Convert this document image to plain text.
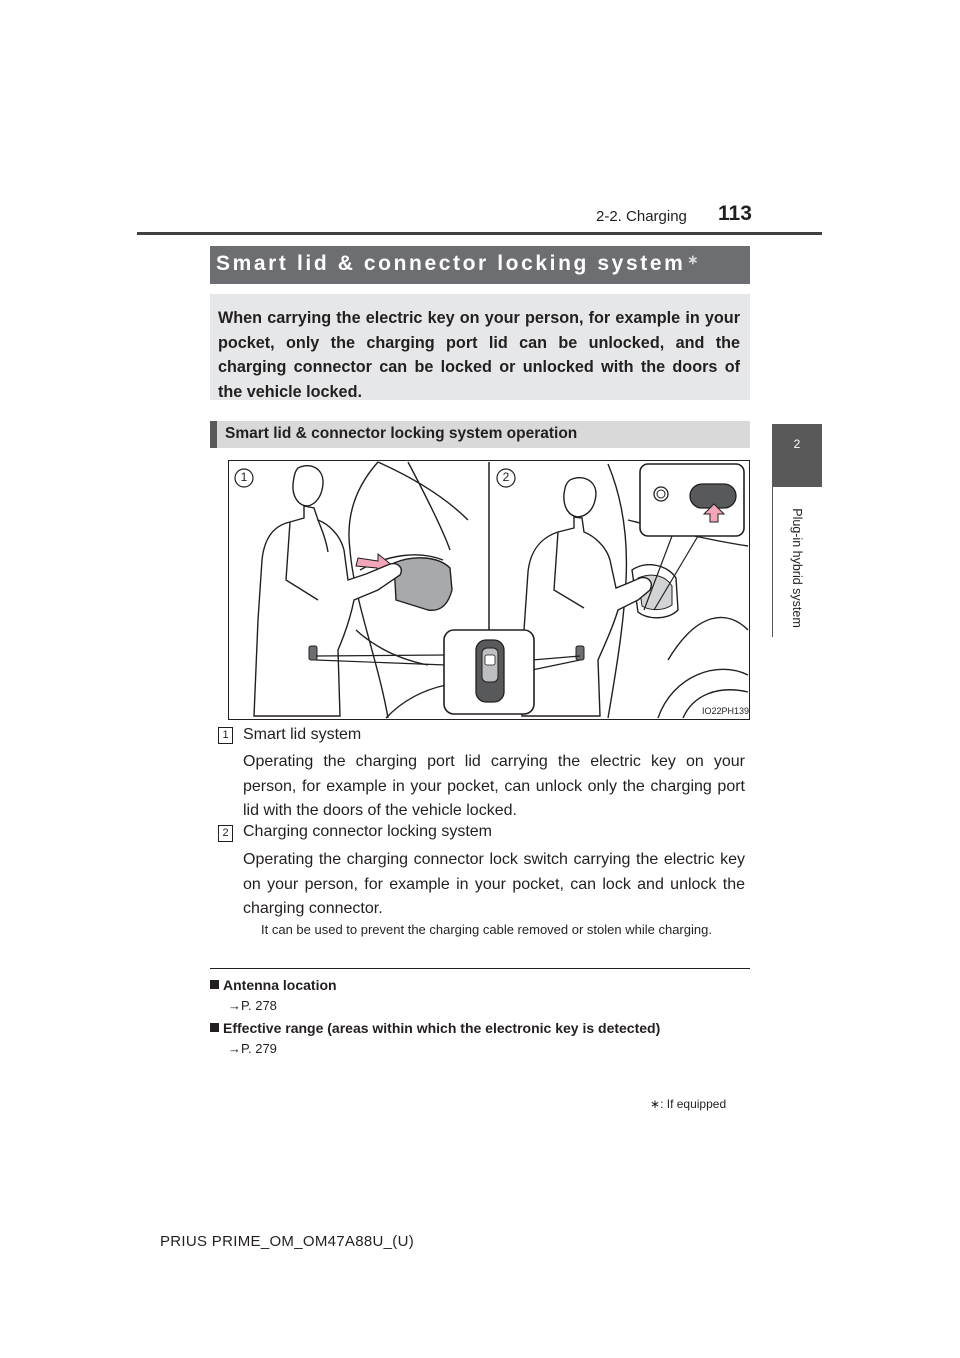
2-2. Charging 113
2
Plug-in hybrid system
Smart lid & connector locking system ∗
When carrying the electric key on your person, for example in your pocket, only the charging port lid can be unlocked, and the charging connector can be locked or unlocked with the doors of the vehicle locked.
Smart lid & connector locking system operation
1	2
IO22PH139
1 Smart lid system
Operating the charging port lid carrying the electric key on your person, for example in your pocket, can unlock only the charging port lid with the doors of the vehicle locked.
2 Charging connector locking system
Operating the charging connector lock switch carrying the electric key on your person, for example in your pocket, can lock and unlock the charging connector.
It can be used to prevent the charging cable removed or stolen while charging.
Antenna location
→P. 278
Effective range (areas within which the electronic key is detected)
→P. 279
∗: If equipped
PRIUS PRIME_OM_OM47A88U_(U)
